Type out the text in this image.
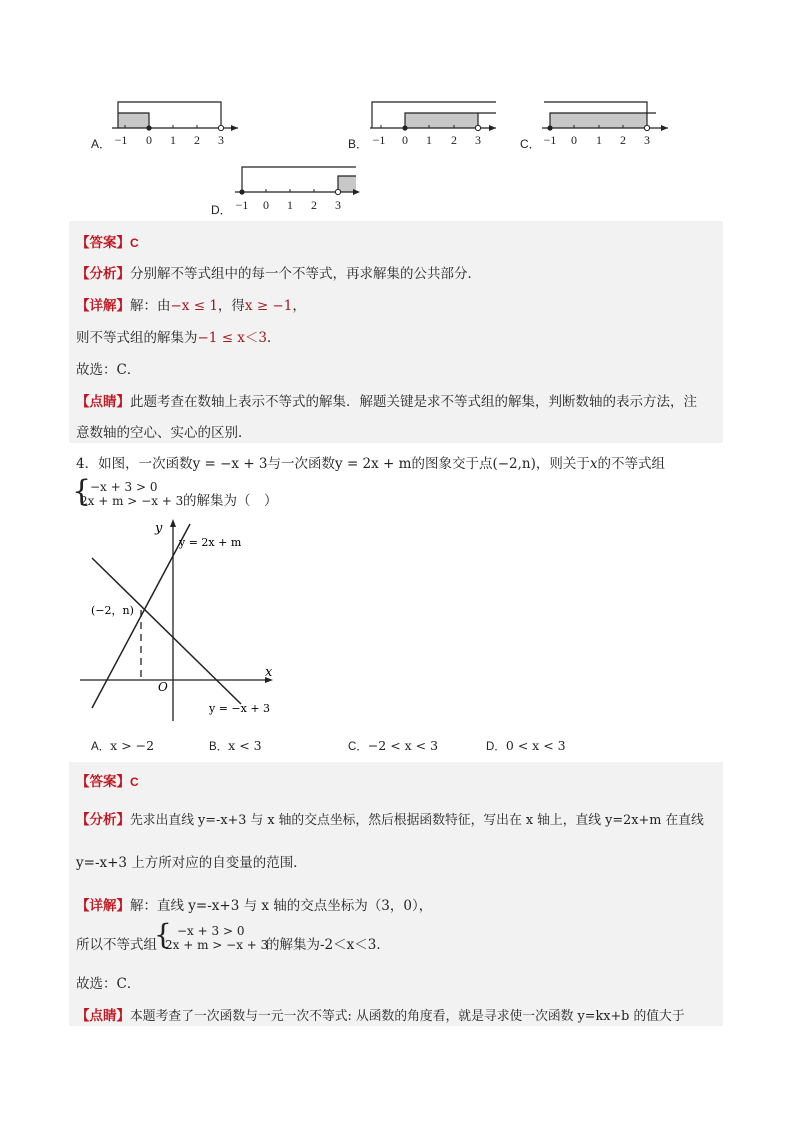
A． −1 0 1 2 3	B． −1 0 1 2 3	C． −1 0 1 2 3
D． −1 0 1 2 3
【答案】C
【分析】分别解不等式组中的每一个不等式，再求解集的公共部分．
【详解】解：由−x ≤ 1，得x ≥ −1，
则不等式组的解集为−1 ≤ x＜3．
故选：C．
【点睛】此题考查在数轴上表示不等式的解集．解题关键是求不等式组的解集，判断数轴的表示方法，注
意数轴的空心、实心的区别．
4．如图，一次函数y = −x + 3与一次函数y = 2x + m的图象交于点(−2,n)，则关于x的不等式组
{
−x + 3 > 0
2x + m > −x + 3 的解集为（　）
y
x
O
(−2，n)
y = 2x + m
y = −x + 3
A．x > −2	B．x < 3	C．−2 < x < 3	D．0 < x < 3
【答案】C
【分析】先求出直线 y=-x+3 与 x 轴的交点坐标，然后根据函数特征，写出在 x 轴上，直线 y=2x+m 在直线
y=-x+3 上方所对应的自变量的范围．
【详解】解：直线 y=-x+3 与 x 轴的交点坐标为（3，0），
所以不等式组
{ −x + 3 > 0
2x + m > −x + 3
的解集为-2＜x＜3．
故选：C．
【点睛】本题考查了一次函数与一元一次不等式: 从函数的角度看，就是寻求使一次函数 y=kx+b 的值大于
